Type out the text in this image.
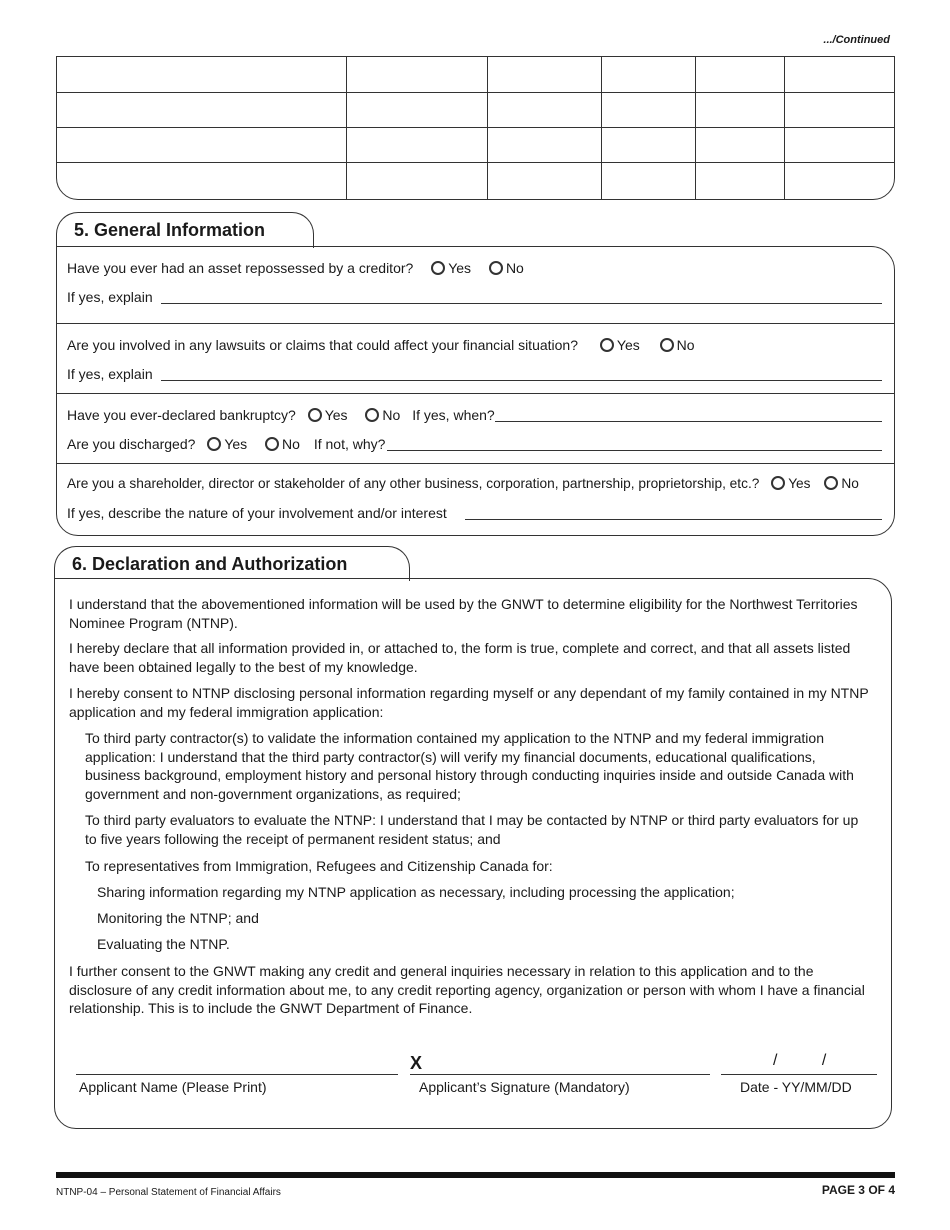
.../Continued
5. General Information
Have you ever had an asset repossessed by a creditor? Yes No
If yes, explain
Are you involved in any lawsuits or claims that could affect your financial situation?	Yes	No
If yes, explain
Have you ever-declared bankruptcy? Yes No If yes, when?
Are you discharged? Yes No If not, why?
Are you a shareholder, director or stakeholder of any other business, corporation, partnership, proprietorship, etc.? Yes No
If yes, describe the nature of your involvement and/or interest
6. Declaration and Authorization
I understand that the abovementioned information will be used by the GNWT to determine eligibility for the Northwest Territories Nominee Program (NTNP).
I hereby declare that all information provided in, or attached to, the form is true, complete and correct, and that all assets listed have been obtained legally to the best of my knowledge.
I hereby consent to NTNP disclosing personal information regarding myself or any dependant of my family contained in my NTNP application and my federal immigration application:
To third party contractor(s) to validate the information contained my application to the NTNP and my federal immigration application: I understand that the third party contractor(s) will verify my financial documents, educational qualifications, business background, employment history and personal history through conducting inquiries inside and outside Canada with government and non-government organizations, as required;
To third party evaluators to evaluate the NTNP: I understand that I may be contacted by NTNP or third party evaluators for up to five years following the receipt of permanent resident status; and
To representatives from Immigration, Refugees and Citizenship Canada for:
Sharing information regarding my NTNP application as necessary, including processing the application;
Monitoring the NTNP; and
Evaluating the NTNP.
I further consent to the GNWT making any credit and general inquiries necessary in relation to this application and to the disclosure of any credit information about me, to any credit reporting agency, organization or person with whom I have a financial relationship. This is to include the GNWT Department of Finance.
Applicant Name (Please Print)
X
Applicant’s Signature (Mandatory)
/          /
Date - YY/MM/DD
NTNP-04 – Personal Statement of Financial Affairs	PAGE 3 OF 4
